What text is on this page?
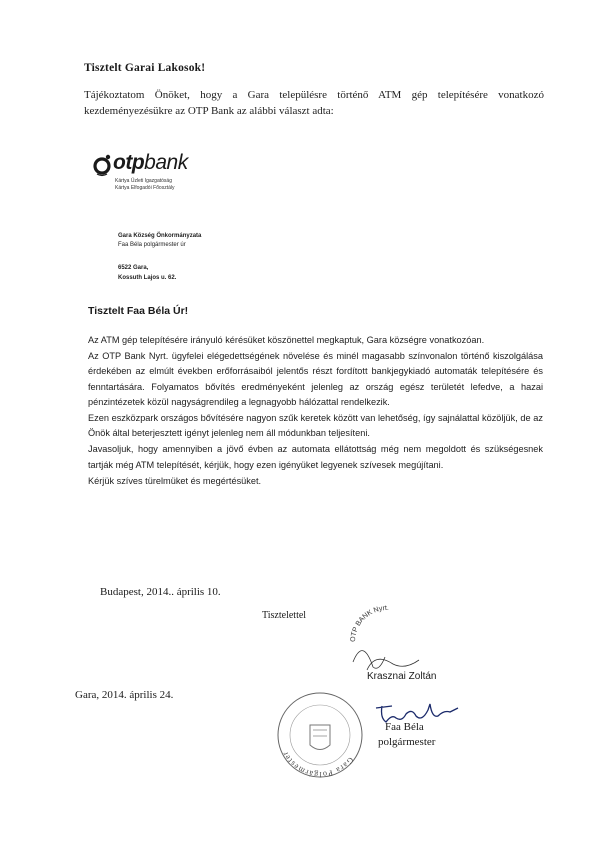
Tisztelt Garai Lakosok!
Tájékoztatom Önöket, hogy a Gara településre történő ATM gép telepítésére vonatkozó kezdeményezésükre az OTP Bank az alábbi választ adta:
otpbank
Kártya Üzleti Igazgatóság
Kártya Elfogadói Főosztály
Gara Község Önkormányzata
Faa Béla polgármester úr
6522 Gara,
Kossuth Lajos u. 62.
Tisztelt Faa Béla Úr!

Az ATM gép telepítésére irányuló kérésüket köszönettel megkaptuk, Gara községre vonatkozóan.

Az OTP Bank Nyrt. ügyfelei elégedettségének növelése és minél magasabb színvonalon történő kiszolgálása érdekében az elmúlt években erőforrásaiból jelentős részt fordított bankjegykiadó automaták telepítésére és fenntartására. Folyamatos bővítés eredményeként jelenleg az ország egész területét lefedve, a hazai pénzintézetek közül nagyságrendileg a legnagyobb hálózattal rendelkezik.

Ezen eszközpark országos bővítésére nagyon szűk keretek között van lehetőség, így sajnálattal közöljük, de az Önök által beterjesztett igényt jelenleg nem áll módunkban teljesíteni.

Javasoljuk, hogy amennyiben a jövő évben az automata ellátottság még nem megoldott és szükségesnek tartják még ATM telepítését, kérjük, hogy ezen igényüket legyenek szívesek megújítani.

Kérjük szíves türelmüket és megértésüket.

Budapest, 2014.. április 10.
Tisztelettel
OTP BANK Nyrt.
Krasznai Zoltán
Gara, 2014. április 24.
Gara Polgármester
Faa Béla
polgármester
